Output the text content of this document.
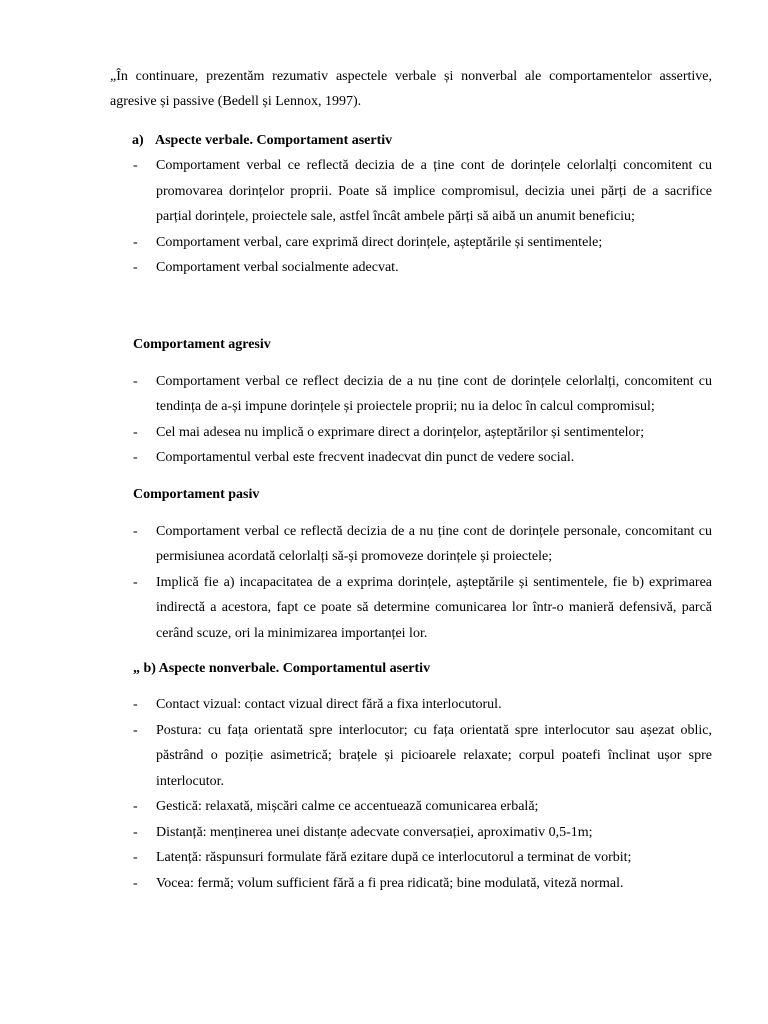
„În continuare, prezentăm rezumativ aspectele verbale și nonverbal ale comportamentelor assertive, agresive și passive (Bedell și Lennox, 1997).

a) Aspecte verbale. Comportament asertiv
-	Comportament verbal ce reflectă decizia de a ține cont de dorințele celorlalți concomitent cu promovarea dorințelor proprii. Poate să implice compromisul, decizia unei părți de a sacrifice parțial dorințele, proiectele sale, astfel încât ambele părți să aibă un anumit beneficiu;
-	Comportament verbal, care exprimă direct dorințele, așteptările și sentimentele;
-	Comportament verbal socialmente adecvat.
Comportament agresiv
-	Comportament verbal ce reflect decizia de a nu ține cont de dorințele celorlalți, concomitent cu tendința de a-și impune dorințele și proiectele proprii; nu ia deloc în calcul compromisul;
-	Cel mai adesea nu implică o exprimare direct a dorințelor, așteptărilor și sentimentelor;
-	Comportamentul verbal este frecvent inadecvat din punct de vedere social.
Comportament pasiv
-	Comportament verbal ce reflectă decizia de a nu ține cont de dorințele personale, concomitant cu permisiunea acordată celorlalți să-și promoveze dorințele și proiectele;
-	Implică fie a) incapacitatea de a exprima dorințele, așteptările și sentimentele, fie b) exprimarea indirectă a acestora, fapt ce poate să determine comunicarea lor într-o manieră defensivă, parcă cerând scuze, ori la minimizarea importanței lor.
„ b) Aspecte nonverbale. Comportamentul asertiv
-	Contact vizual: contact vizual direct fără a fixa interlocutorul.
-	Postura: cu fața orientată spre interlocutor; cu fața orientată spre interlocutor sau așezat oblic, păstrând o poziție asimetrică; brațele și picioarele relaxate; corpul poatefi înclinat ușor spre interlocutor.
-	Gestică: relaxată, mișcări calme ce accentuează comunicarea erbală;
-	Distanță: menținerea unei distanțe adecvate conversației, aproximativ 0,5-1m;
-	Latență: răspunsuri formulate fără ezitare după ce interlocutorul a terminat de vorbit;
-	Vocea: fermă; volum sufficient fără a fi prea ridicată; bine modulată, viteză normal.
